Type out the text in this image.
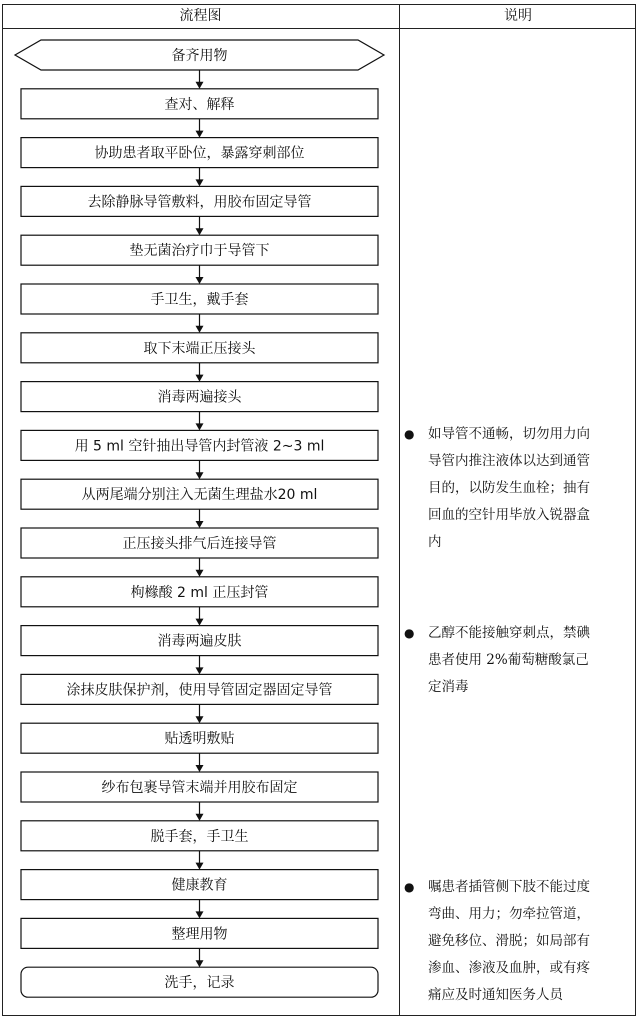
流程图	说明
备齐用物
查对、解释
协助患者取平卧位，暴露穿刺部位
去除静脉导管敷料，用胶布固定导管
垫无菌治疗巾于导管下
手卫生，戴手套
取下末端正压接头
消毒两遍接头
用 5 ml 空针抽出导管内封管液 2~3 ml
从两尾端分别注入无菌生理盐水20 ml
正压接头排气后连接导管
枸橼酸 2 ml 正压封管
消毒两遍皮肤
涂抹皮肤保护剂，使用导管固定器固定导管
贴透明敷贴
纱布包裹导管末端并用胶布固定
脱手套，手卫生
健康教育
整理用物
洗手，记录
● 如导管不通畅，切勿用力向
导管内推注液体以达到通管
目的，以防发生血栓；抽有
回血的空针用毕放入锐器盒
内
● 乙醇不能接触穿刺点，禁碘
患者使用 2%葡萄糖酸氯己
定消毒
● 嘱患者插管侧下肢不能过度
弯曲、用力；勿牵拉管道，
避免移位、滑脱；如局部有
渗血、渗液及血肿，或有疼
痛应及时通知医务人员
